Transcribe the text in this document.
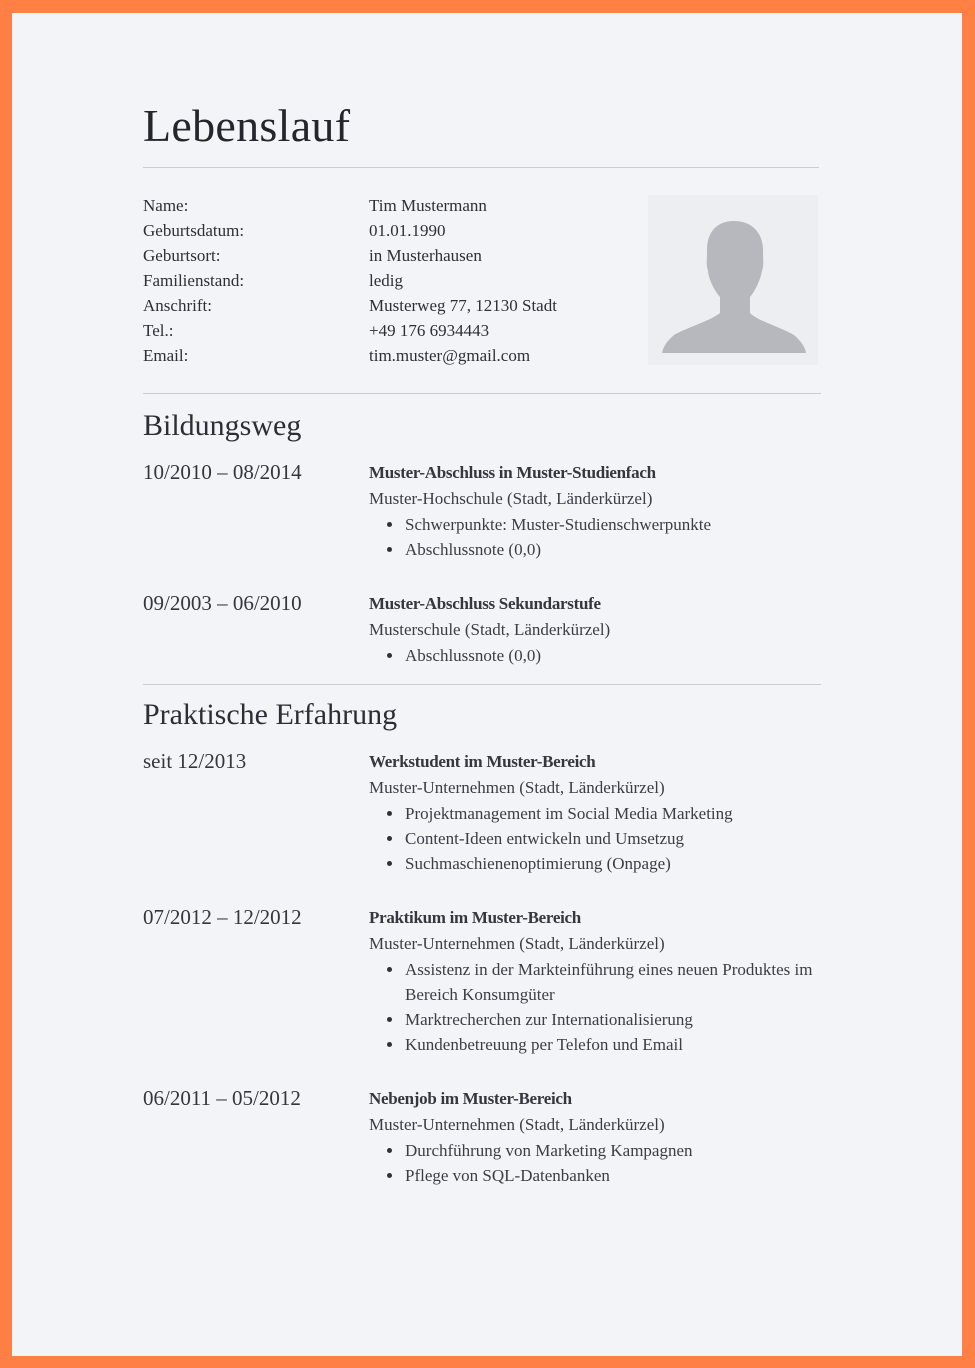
Lebenslauf
Name:	Tim Mustermann
Geburtsdatum:	01.01.1990
Geburtsort:	in Musterhausen
Familienstand:	ledig
Anschrift:	Musterweg 77, 12130 Stadt
Tel.:	+49 176 6934443
Email:	tim.muster@gmail.com
Bildungsweg
10/2010 – 08/2014	Muster-Abschluss in Muster-Studienfach
Muster-Hochschule (Stadt, Länderkürzel)
Schwerpunkte: Muster-Studienschwerpunkte
Abschlussnote (0,0)
09/2003 – 06/2010	Muster-Abschluss Sekundarstufe
Musterschule (Stadt, Länderkürzel)
Abschlussnote (0,0)
Praktische Erfahrung
seit 12/2013	Werkstudent im Muster-Bereich
Muster-Unternehmen (Stadt, Länderkürzel)
Projektmanagement im Social Media Marketing
Content-Ideen entwickeln und Umsetzug
Suchmaschienenoptimierung (Onpage)
07/2012 – 12/2012	Praktikum im Muster-Bereich
Muster-Unternehmen (Stadt, Länderkürzel)
Assistenz in der Markteinführung eines neuen Produktes im Bereich Konsumgüter
Marktrecherchen zur Internationalisierung
Kundenbetreuung per Telefon und Email
06/2011 – 05/2012	Nebenjob im Muster-Bereich
Muster-Unternehmen (Stadt, Länderkürzel)
Durchführung von Marketing Kampagnen
Pflege von SQL-Datenbanken
